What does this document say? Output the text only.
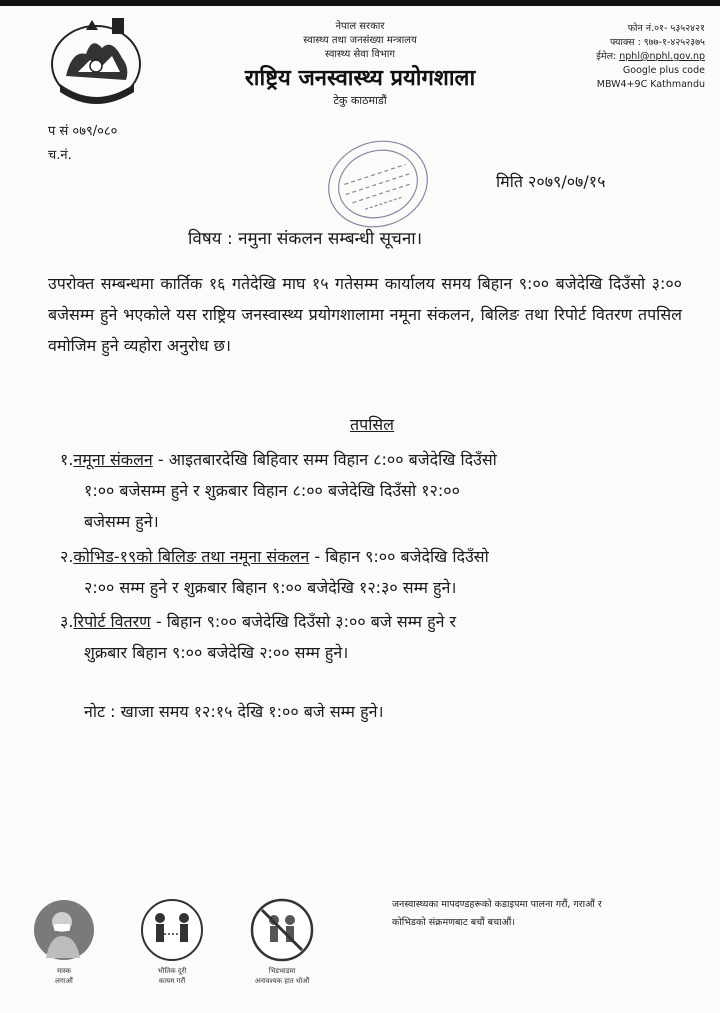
नेपाल सरकार
स्वास्थ्य तथा जनसंख्या मन्त्रालय
स्वास्थ्य सेवा विभाग
राष्ट्रिय जनस्वास्थ्य प्रयोगशाला
टेकु काठमाडौं
फोन नं.०१- ५३५२४२१
फ्याक्स : ९७७-१-४२५२३७५
ईमेल: nphl@nphl.gov.np
Google plus code
MBW4+9C Kathmandu
प सं ०७९/०८०
च.नं.
मिति २०७९/०७/१५
विषय : नमुना संकलन सम्बन्धी सूचना।
उपरोक्त सम्बन्धमा कार्तिक १६ गतेदेखि माघ १५ गतेसम्म कार्यालय समय बिहान ९:०० बजेदेखि दिउँसो ३:०० बजेसम्म हुने भएकोले यस राष्ट्रिय जनस्वास्थ्य प्रयोगशालामा नमूना संकलन, बिलिङ तथा रिपोर्ट वितरण तपसिल वमोजिम हुने व्यहोरा अनुरोध छ।
तपसिल
१.नमूना संकलन - आइतबारदेखि बिहिवार सम्म विहान ८:०० बजेदेखि दिउँसो
१:०० बजेसम्म हुने र शुक्रबार विहान ८:०० बजेदेखि दिउँसो १२:००
बजेसम्म हुने।
२.कोभिड-१९को बिलिङ तथा नमूना संकलन - बिहान ९:०० बजेदेखि दिउँसो
२:०० सम्म हुने र शुक्रबार बिहान ९:०० बजेदेखि १२:३० सम्म हुने।
३.रिपोर्ट वितरण - बिहान ९:०० बजेदेखि दिउँसो ३:०० बजे सम्म हुने र
शुक्रबार बिहान ९:०० बजेदेखि २:०० सम्म हुने।
नोट : खाजा समय १२:१५ देखि १:०० बजे सम्म हुने।
मास्क
लगाऔं
भौतिक दूरी
कायम गरौं
भिडभाडमा
अनावश्यक हात धोऔं
जनस्वास्थ्यका मापदण्डहरूको कडाइपमा पालना गरौं, गराऔं र
कोभिडको संक्रमणबाट बचौं बचाऔं।
